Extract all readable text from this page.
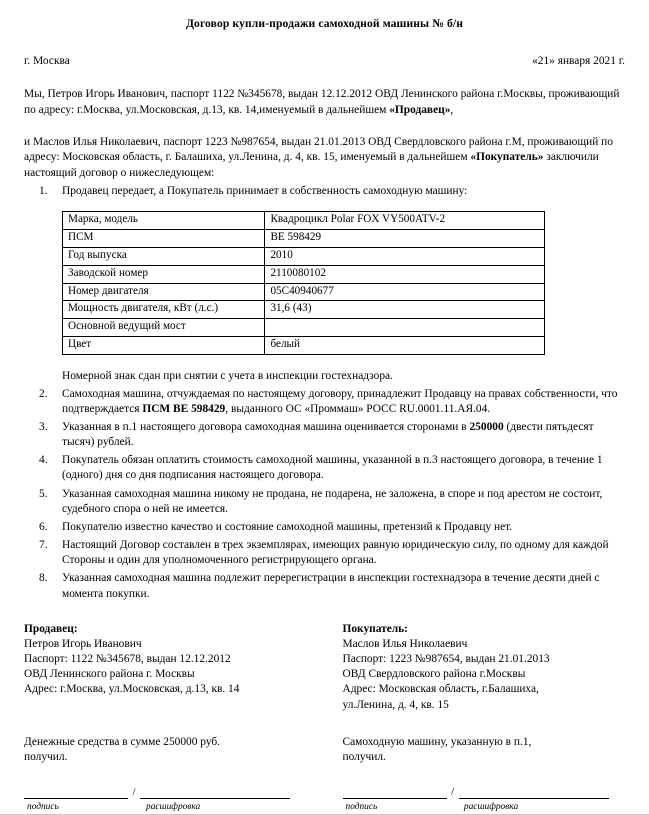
Договор купли-продажи самоходной машины № б/н
г. Москва	«21» января 2021 г.
Мы, Петров Игорь Иванович, паспорт 1122 №345678, выдан 12.12.2012 ОВД Ленинского района г.Москвы, проживающий по адресу: г.Москва, ул.Московская, д.13, кв. 14,именуемый в дальнейшем «Продавец»,
и Маслов Илья Николаевич, паспорт 1223 №987654, выдан 21.01.2013 ОВД Свердловского района г.М, проживающий по адресу: Московская область, г. Балашиха, ул.Ленина, д. 4, кв. 15, именуемый в дальнейшем «Покупатель» заключили настоящий договор о нижеследующем:
Продавец передает, а Покупатель принимает в собственность самоходную машину:
Марка, модель	Квадроцикл Polar FOX VY500ATV-2
ПСМ	ВЕ 598429
Год выпуска	2010
Заводской номер	2110080102
Номер двигателя	05С40940677
Мощность двигателя, кВт (л.с.)	31,6 (43)
Основной ведущий мост	
Цвет	белый
Номерной знак сдан при снятии с учета в инспекции гостехнадзора.
Самоходная машина, отчуждаемая по настоящему договору, принадлежит Продавцу на правах собственности, что подтверждается ПСМ ВЕ 598429, выданного ОС «Проммаш» РОСС RU.0001.11.АЯ.04.
Указанная в п.1 настоящего договора самоходная машина оценивается сторонами в 250000 (двести пятьдесят тысяч) рублей.
Покупатель обязан оплатить стоимость самоходной машины, указанной в п.3 настоящего договора, в течение 1 (одного) дня со дня подписания настоящего договора.
Указанная самоходная машина никому не продана, не подарена, не заложена, в споре и под арестом не состоит, судебного спора о ней не имеется.
Покупателю известно качество и состояние самоходной машины, претензий к Продавцу нет.
Настоящий Договор составлен в трех экземплярах, имеющих равную юридическую силу, по одному для каждой Стороны и один для уполномоченного регистрирующего органа.
Указанная самоходная машина подлежит перерегистрации в инспекции гостехнадзора в течение десяти дней с момента покупки.
Продавец:
Петров Игорь Иванович
Паспорт: 1122 №345678, выдан 12.12.2012
ОВД Ленинского района г. Москвы
Адрес: г.Москва, ул.Московская, д.13, кв. 14
Покупатель:
Маслов Илья Николаевич
Паспорт: 1223 №987654, выдан 21.01.2013
ОВД Свердловского района г.Москвы
Адрес: Московская область, г.Балашиха,
ул.Ленина, д. 4, кв. 15
Денежные средства в сумме 250000 руб.
получил.
Самоходную машину, указанную в п.1,
получил.
/
подпись	расшифровка
/
подпись	расшифровка
